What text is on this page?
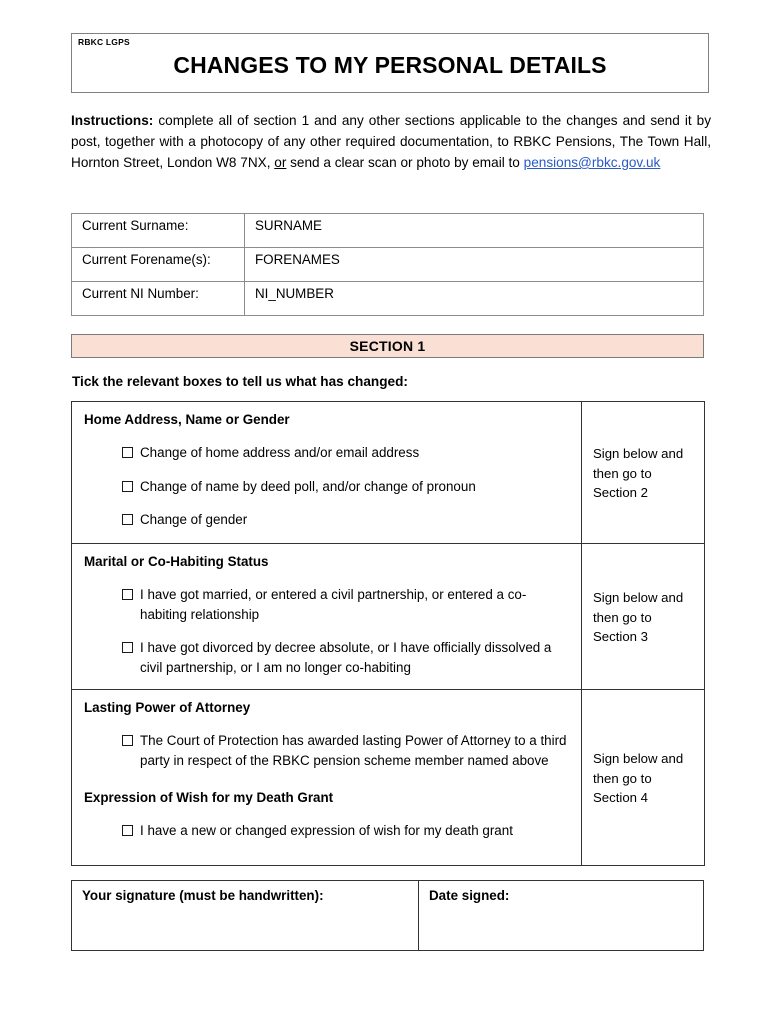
RBKC LGPS
CHANGES TO MY PERSONAL DETAILS
Instructions: complete all of section 1 and any other sections applicable to the changes and send it by post, together with a photocopy of any other required documentation, to RBKC Pensions, The Town Hall, Hornton Street, London W8 7NX, or send a clear scan or photo by email to pensions@rbkc.gov.uk
Current Surname:	SURNAME
Current Forename(s):	FORENAMES
Current NI Number:	NI_NUMBER
SECTION 1
Tick the relevant boxes to tell us what has changed:
Home Address, Name or Gender
Change of home address and/or email address
Change of name by deed poll, and/or change of pronoun
Change of gender	Sign below and then go to Section 2

Marital or Co-Habiting Status
I have got married, or entered a civil partnership, or entered a co-habiting relationship
I have got divorced by decree absolute, or I have officially dissolved a civil partnership, or I am no longer co-habiting	Sign below and then go to Section 3

Lasting Power of Attorney
The Court of Protection has awarded lasting Power of Attorney to a third party in respect of the RBKC pension scheme member named above
Expression of Wish for my Death Grant
I have a new or changed expression of wish for my death grant	Sign below and then go to Section 4
Your signature (must be handwritten):	Date signed:
